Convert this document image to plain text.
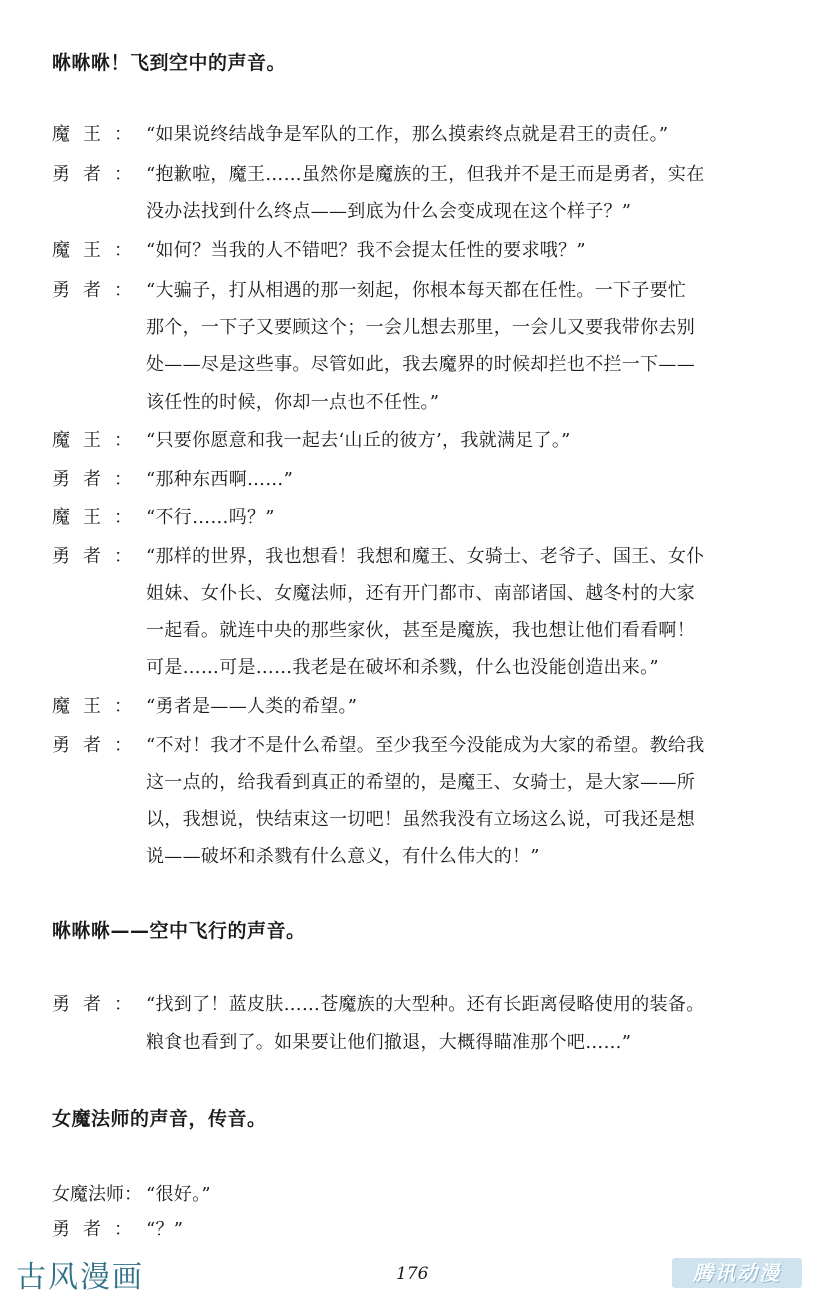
咻咻咻！飞到空中的声音。
魔王： “如果说终结战争是军队的工作，那么摸索终点就是君王的责任。”
勇者： “抱歉啦，魔王……虽然你是魔族的王，但我并不是王而是勇者，实在
没办法找到什么终点——到底为什么会变成现在这个样子？”
魔王： “如何？当我的人不错吧？我不会提太任性的要求哦？”
勇者： “大骗子，打从相遇的那一刻起，你根本每天都在任性。一下子要忙
那个，一下子又要顾这个；一会儿想去那里，一会儿又要我带你去别
处——尽是这些事。尽管如此，我去魔界的时候却拦也不拦一下——
该任性的时候，你却一点也不任性。”
魔王： “只要你愿意和我一起去‘山丘的彼方’，我就满足了。”
勇者： “那种东西啊……”
魔王： “不行……吗？”
勇者： “那样的世界，我也想看！我想和魔王、女骑士、老爷子、国王、女仆
姐妹、女仆长、女魔法师，还有开门都市、南部诸国、越冬村的大家
一起看。就连中央的那些家伙，甚至是魔族，我也想让他们看看啊！
可是……可是……我老是在破坏和杀戮，什么也没能创造出来。”
魔王： “勇者是——人类的希望。”
勇者： “不对！我才不是什么希望。至少我至今没能成为大家的希望。教给我
这一点的，给我看到真正的希望的，是魔王、女骑士，是大家——所
以，我想说，快结束这一切吧！虽然我没有立场这么说，可我还是想
说——破坏和杀戮有什么意义，有什么伟大的！”
咻咻咻——空中飞行的声音。
勇者： “找到了！蓝皮肤……苍魔族的大型种。还有长距离侵略使用的装备。
粮食也看到了。如果要让他们撤退，大概得瞄准那个吧……”
女魔法师的声音，传音。
女魔法师： “很好。”
勇者： “？”
古风漫画	176	腾讯动漫
